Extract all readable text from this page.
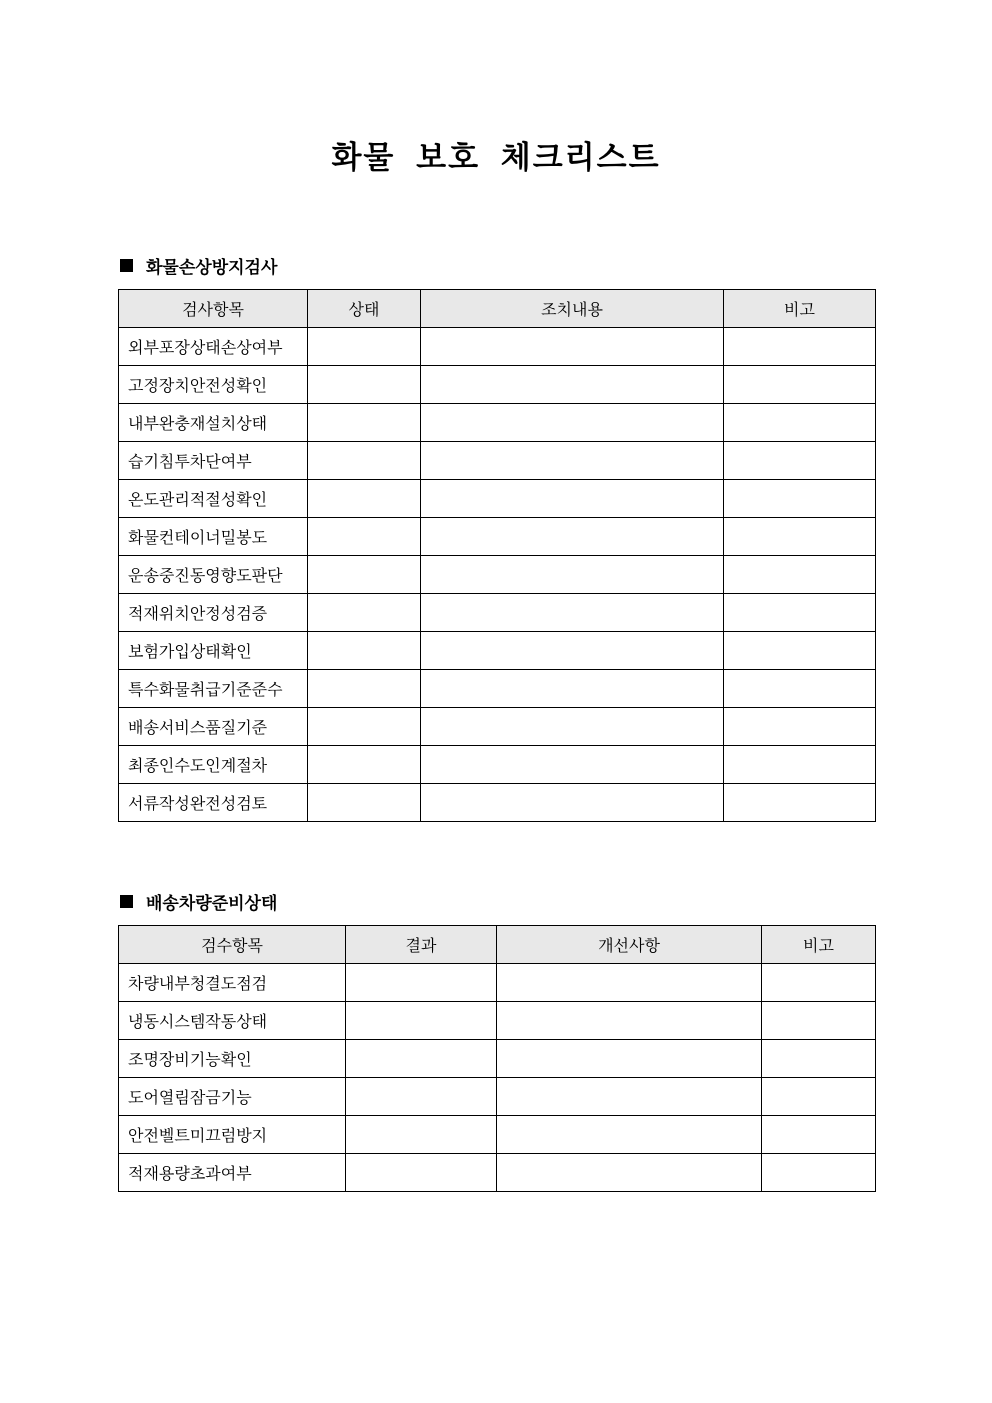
화물 보호 체크리스트
화물손상방지검사
검사항목	상태	조치내용	비고
외부포장상태손상여부			
고정장치안전성확인			
내부완충재설치상태			
습기침투차단여부			
온도관리적절성확인			
화물컨테이너밀봉도			
운송중진동영향도판단			
적재위치안정성검증			
보험가입상태확인			
특수화물취급기준준수			
배송서비스품질기준			
최종인수도인계절차			
서류작성완전성검토			
배송차량준비상태
검수항목	결과	개선사항	비고
차량내부청결도점검			
냉동시스템작동상태			
조명장비기능확인			
도어열림잠금기능			
안전벨트미끄럼방지			
적재용량초과여부			
